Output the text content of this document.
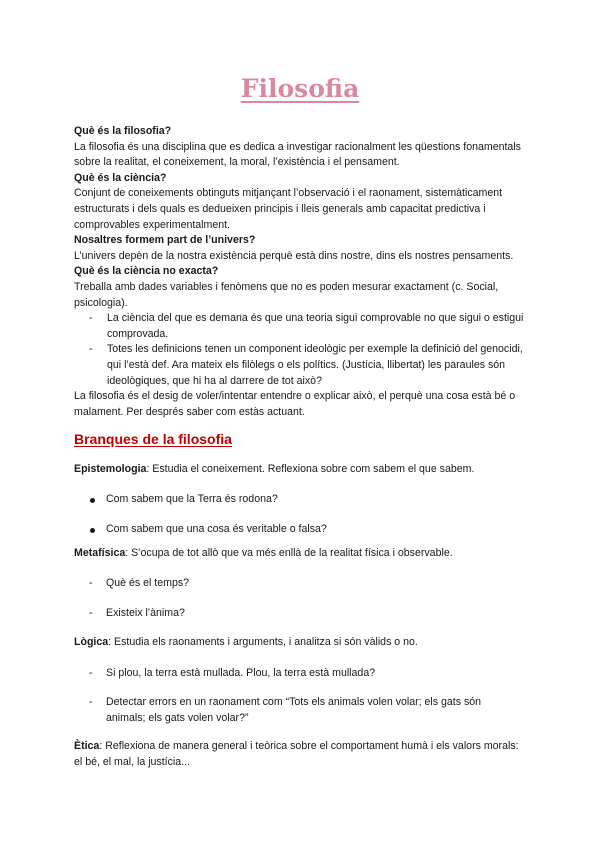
Filosofia

Què és la filosofia?

La filosofia és una disciplina que es dedica a investigar racionalment les qüestions fonamentals sobre la realitat, el coneixement, la moral, l’existència i el pensament.

Què és la ciència?

Conjunt de coneixements obtinguts mitjançant l’observació i el raonament, sistemàticament estructurats i dels quals es dedueixen principis i lleis generals amb capacitat predictiva i comprovables experimentalment.

Nosaltres formem part de l’univers?

L’univers depèn de la nostra existència perquè està dins nostre, dins els nostres pensaments.

Què és la ciència no exacta?

Treballa amb dades variables i fenòmens que no es poden mesurar exactament (c. Social, psicologia).

- La ciència del que es demana és que una teoria sigui comprovable no que sigui o estigui comprovada.
- Totes les definicions tenen un component ideològic per exemple la definició del genocidi, qui l’està def. Ara mateix els filòlegs o els polítics. (Justícia, llibertat) les paraules són ideològiques, que hi ha al darrere de tot això?

La filosofia és el desig de voler/intentar entendre o explicar això, el perquè una cosa està bé o malament. Per després saber com estàs actuant.

Branques de la filosofia

Epistemologia: Estudia el coneixement. Reflexiona sobre com sabem el que sabem.

Com sabem que la Terra és rodona?

Com sabem que una cosa és veritable o falsa?

Metafísica: S’ocupa de tot allò que va més enllà de la realitat física i observable.

- Què és el temps?

- Existeix l’ànima?

Lògica: Estudia els raonaments i arguments, i analitza si són vàlids o no.

- Si plou, la terra està mullada. Plou, la terra està mullada?

- Detectar errors en un raonament com “Tots els animals volen volar; els gats són animals; els gats volen volar?”

Ètica: Reflexiona de manera general i teòrica sobre el comportament humà i els valors morals: el bé, el mal, la justícia...
